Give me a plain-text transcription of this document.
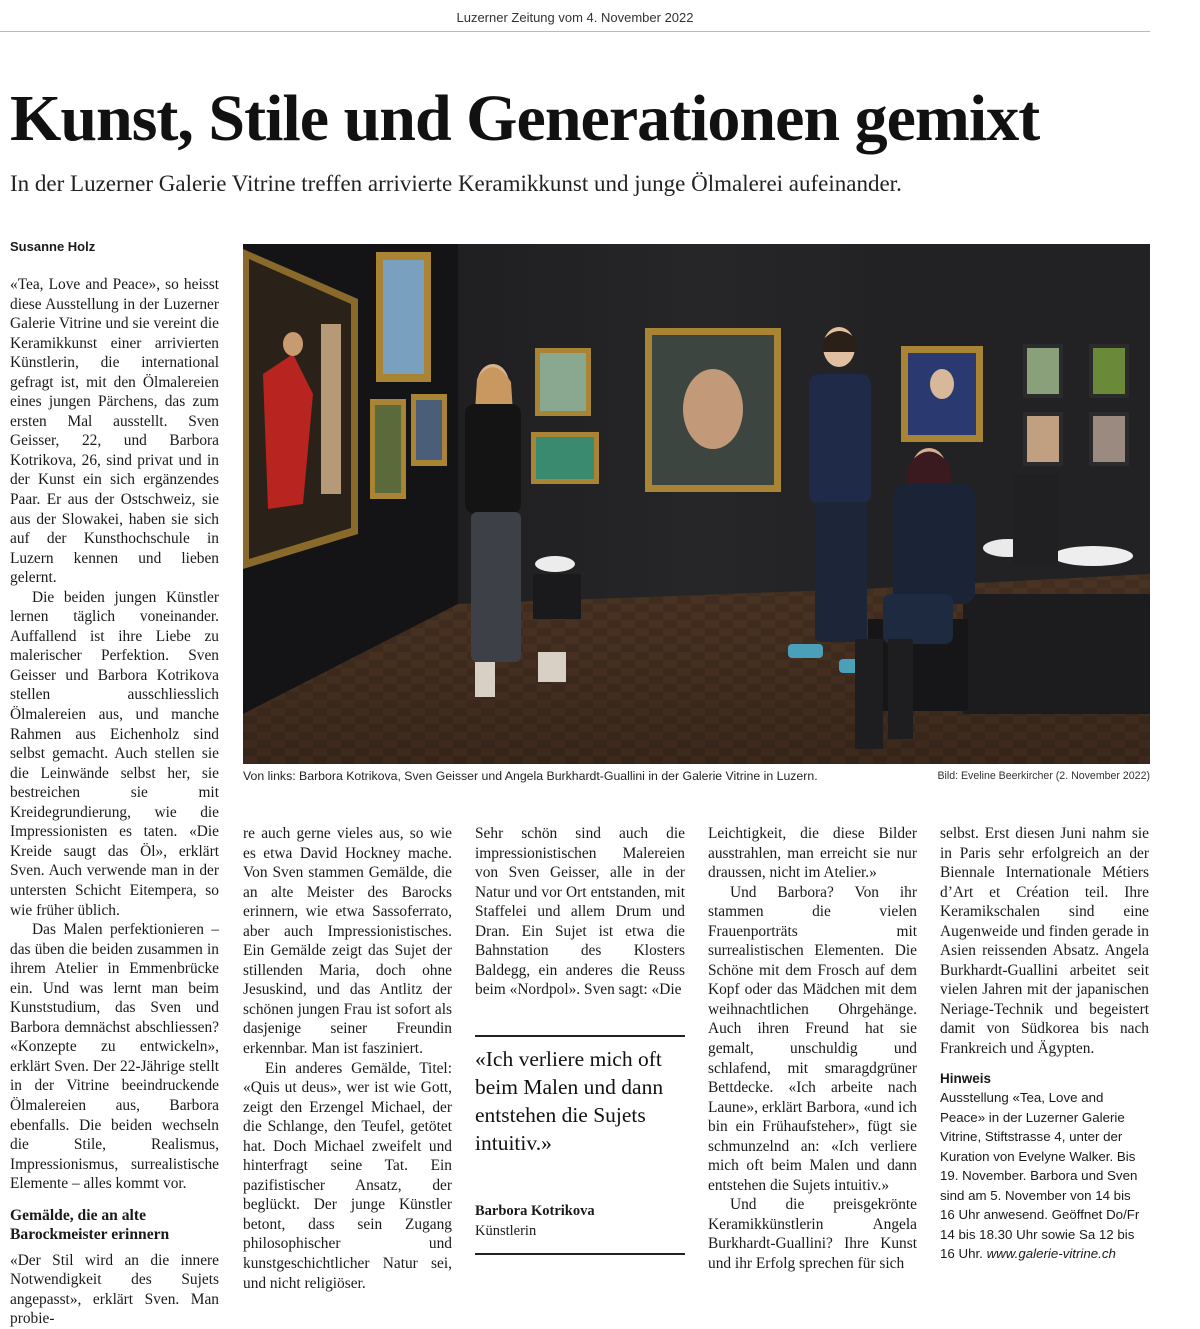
Luzerner Zeitung vom 4. November 2022
Kunst, Stile und Generationen gemixt
In der Luzerner Galerie Vitrine treffen arrivierte Keramikkunst und junge Ölmalerei aufeinander.
Susanne Holz

«Tea, Love and Peace», so heisst diese Ausstellung in der Luzerner Galerie Vitrine und sie vereint die Keramikkunst einer arrivierten Künstlerin, die international gefragt ist, mit den Ölmalereien eines jungen Pärchens, das zum ersten Mal ausstellt. Sven Geisser, 22, und Barbora Kotrikova, 26, sind privat und in der Kunst ein sich ergänzendes Paar. Er aus der Ostschweiz, sie aus der Slowakei, haben sie sich auf der Kunsthochschule in Luzern kennen und lieben gelernt.

Die beiden jungen Künstler lernen täglich voneinander. Auffallend ist ihre Liebe zu malerischer Perfektion. Sven Geisser und Barbora Kotrikova stellen ausschliesslich Ölmalereien aus, und manche Rahmen aus Eichenholz sind selbst gemacht. Auch stellen sie die Leinwände selbst her, sie bestreichen sie mit Kreidegrundierung, wie die Impressionisten es taten. «Die Kreide saugt das Öl», erklärt Sven. Auch verwende man in der untersten Schicht Eitempera, so wie früher üblich.

Das Malen perfektionieren – das üben die beiden zusammen in ihrem Atelier in Emmenbrücke ein. Und was lernt man beim Kunststudium, das Sven und Barbora demnächst abschliessen? «Konzepte zu entwickeln», erklärt Sven. Der 22-Jährige stellt in der Vitrine beeindruckende Ölmalereien aus, Barbora ebenfalls. Die beiden wechseln die Stile, Realismus, Impressionismus, surrealistische Elemente – alles kommt vor.

Gemälde, die an alte Barockmeister erinnern

«Der Stil wird an die innere Notwendigkeit des Sujets angepasst», erklärt Sven. Man probie-

Von links: Barbora Kotrikova, Sven Geisser und Angela Burkhardt-Guallini in der Galerie Vitrine in Luzern.	Bild: Eveline Beerkircher (2. November 2022)

re auch gerne vieles aus, so wie es etwa David Hockney mache. Von Sven stammen Gemälde, die an alte Meister des Barocks erinnern, wie etwa Sassoferrato, aber auch Impressionistisches. Ein Gemälde zeigt das Sujet der stillenden Maria, doch ohne Jesuskind, und das Antlitz der schönen jungen Frau ist sofort als dasjenige seiner Freundin erkennbar. Man ist fasziniert.

Ein anderes Gemälde, Titel: «Quis ut deus», wer ist wie Gott, zeigt den Erzengel Michael, der die Schlange, den Teufel, getötet hat. Doch Michael zweifelt und hinterfragt seine Tat. Ein pazifistischer Ansatz, der beglückt. Der junge Künstler betont, dass sein Zugang philosophischer und kunstgeschichtlicher Natur sei, und nicht religiöser.

Sehr schön sind auch die impressionistischen Malereien von Sven Geisser, alle in der Natur und vor Ort entstanden, mit Staffelei und allem Drum und Dran. Ein Sujet ist etwa die Bahnstation des Klosters Baldegg, ein anderes die Reuss beim «Nordpol». Sven sagt: «Die

«Ich verliere mich oft beim Malen und dann entstehen die Sujets intuitiv.»
Barbora Kotrikova
Künstlerin

Leichtigkeit, die diese Bilder ausstrahlen, man erreicht sie nur draussen, nicht im Atelier.»

Und Barbora? Von ihr stammen die vielen Frauenporträts mit surrealistischen Elementen. Die Schöne mit dem Frosch auf dem Kopf oder das Mädchen mit dem weihnachtlichen Ohrgehänge. Auch ihren Freund hat sie gemalt, unschuldig und schlafend, mit smaragdgrüner Bettdecke. «Ich arbeite nach Laune», erklärt Barbora, «und ich bin ein Frühaufsteher», fügt sie schmunzelnd an: «Ich verliere mich oft beim Malen und dann entstehen die Sujets intuitiv.»

Und die preisgekrönte Keramikkünstlerin Angela Burkhardt-Guallini? Ihre Kunst und ihr Erfolg sprechen für sich

selbst. Erst diesen Juni nahm sie in Paris sehr erfolgreich an der Biennale Internationale Métiers d’Art et Création teil. Ihre Keramikschalen sind eine Augenweide und finden gerade in Asien reissenden Absatz. Angela Burkhardt-Guallini arbeitet seit vielen Jahren mit der japanischen Neriage-Technik und begeistert damit von Südkorea bis nach Frankreich und Ägypten.

Hinweis

Ausstellung «Tea, Love and Peace» in der Luzerner Galerie Vitrine, Stiftstrasse 4, unter der Kuration von Evelyne Walker. Bis 19. November. Barbora und Sven sind am 5. November von 14 bis 16 Uhr anwesend. Geöffnet Do/Fr 14 bis 18.30 Uhr sowie Sa 12 bis 16 Uhr. www.galerie-vitrine.ch
